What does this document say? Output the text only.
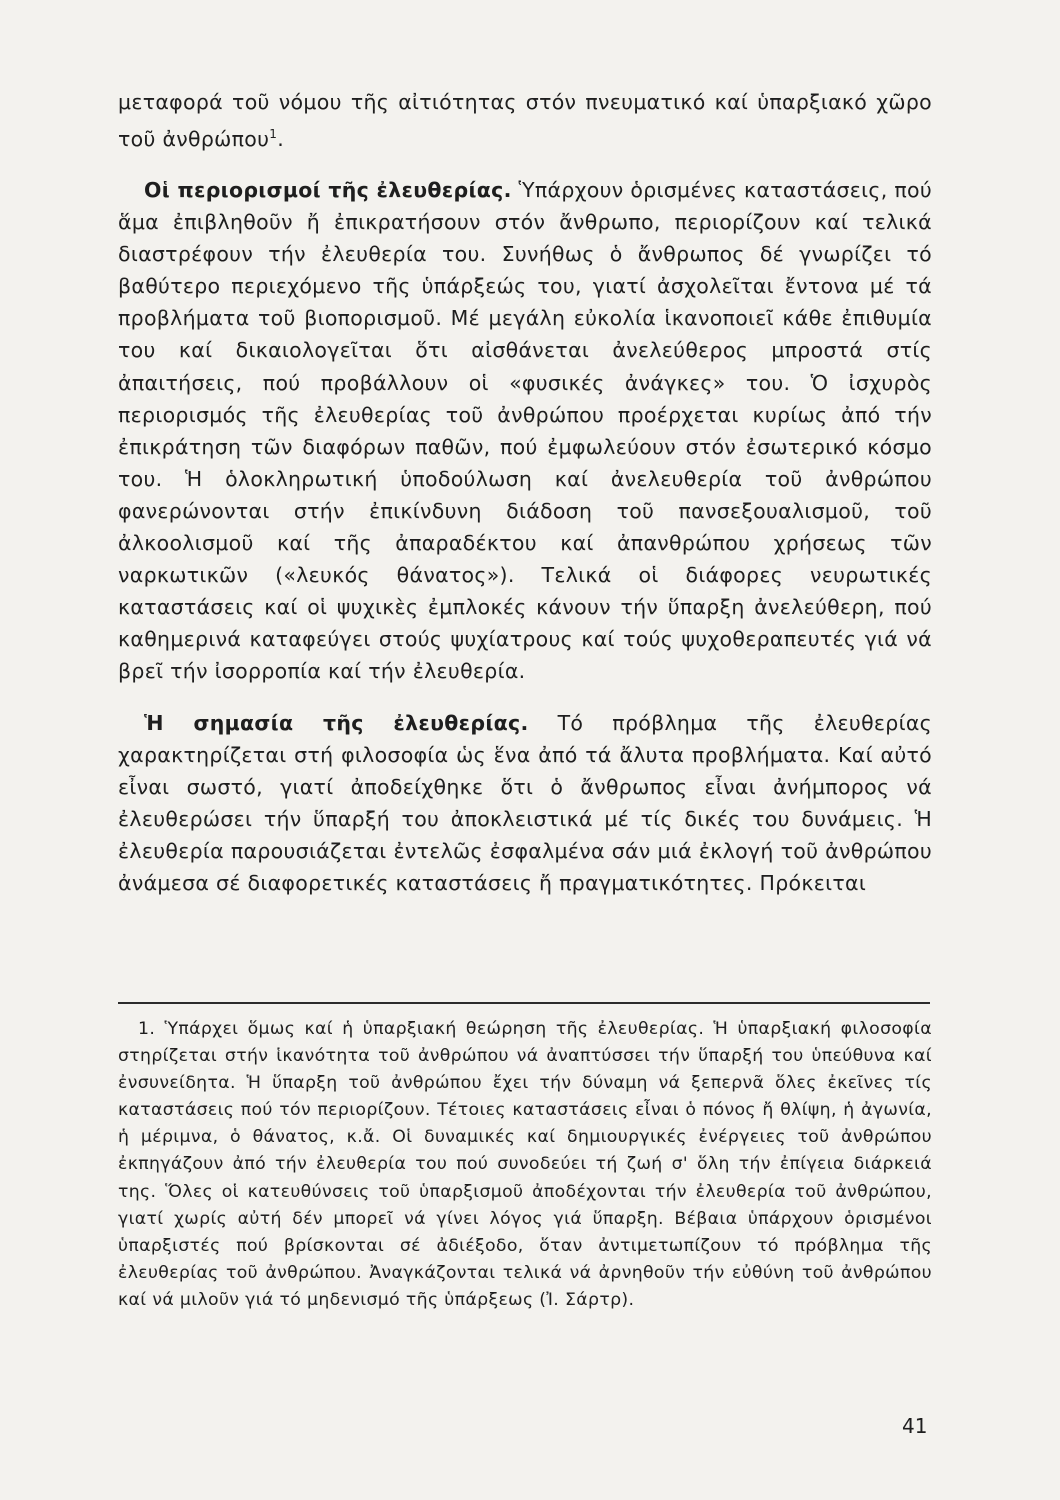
μεταφορά τοῦ νόμου τῆς αἰτιότητας στόν πνευματικό καί ὑπαρξιακό χῶρο τοῦ ἀνθρώπου$^1$.

Οἱ περιορισμοί τῆς ἐλευθερίας. Ὑπάρχουν ὁρισμένες καταστάσεις, πού ἅμα ἐπιβληθοῦν ἤ ἐπικρατήσουν στόν ἄνθρωπο, περιορίζουν καί τελικά διαστρέφουν τήν ἐλευθερία του. Συνήθως ὁ ἄνθρωπος δέ γνωρίζει τό βαθύτερο περιεχόμενο τῆς ὑπάρξεώς του, γιατί ἀσχολεῖται ἔντονα μέ τά προβλήματα τοῦ βιοπορισμοῦ. Μέ μεγάλη εὐκολία ἱκανοποιεῖ κάθε ἐπιθυμία του καί δικαιολογεῖται ὅτι αἰσθάνεται ἀνελεύθερος μπροστά στίς ἀπαιτήσεις, πού προβάλλουν οἱ «φυσικές ἀνάγκες» του. Ὁ ἰσχυρὸς περιορισμός τῆς ἐλευθερίας τοῦ ἀνθρώπου προέρχεται κυρίως ἀπό τήν ἐπικράτηση τῶν διαφόρων παθῶν, πού ἐμφωλεύουν στόν ἐσωτερικό κόσμο του. Ἡ ὁλοκληρωτική ὑποδούλωση καί ἀνελευθερία τοῦ ἀνθρώπου φανερώνονται στήν ἐπικίνδυνη διάδοση τοῦ πανσεξουαλισμοῦ, τοῦ ἀλκοολισμοῦ καί τῆς ἀπαραδέκτου καί ἀπανθρώπου χρήσεως τῶν ναρκωτικῶν («λευκός θάνατος»). Τελικά οἱ διάφορες νευρωτικές καταστάσεις καί οἱ ψυχικὲς ἐμπλοκές κάνουν τήν ὕπαρξη ἀνελεύθερη, πού καθημερινά καταφεύγει στούς ψυχίατρους καί τούς ψυχοθεραπευτές γιά νά βρεῖ τήν ἰσορροπία καί τήν ἐλευθερία.

Ἡ σημασία τῆς ἐλευθερίας. Τό πρόβλημα τῆς ἐλευθερίας χαρακτηρίζεται στή φιλοσοφία ὡς ἕνα ἀπό τά ἄλυτα προβλήματα. Καί αὐτό εἶναι σωστό, γιατί ἀποδείχθηκε ὅτι ὁ ἄνθρωπος εἶναι ἀνήμπορος νά ἐλευθερώσει τήν ὕπαρξή του ἀποκλειστικά μέ τίς δικές του δυνάμεις. Ἡ ἐλευθερία παρουσιάζεται ἐντελῶς ἐσφαλμένα σάν μιά ἐκλογή τοῦ ἀνθρώπου ἀνάμεσα σέ διαφορετικές καταστάσεις ἤ πραγματικότητες. Πρόκειται

1. Ὑπάρχει ὅμως καί ἡ ὑπαρξιακή θεώρηση τῆς ἐλευθερίας. Ἡ ὑπαρξιακή φιλοσοφία στηρίζεται στήν ἱκανότητα τοῦ ἀνθρώπου νά ἀναπτύσσει τήν ὕπαρξή του ὑπεύθυνα καί ἐνσυνείδητα. Ἡ ὕπαρξη τοῦ ἀνθρώπου ἔχει τήν δύναμη νά ξεπερνᾶ ὅλες ἐκεῖνες τίς καταστάσεις πού τόν περιορίζουν. Τέτοιες καταστάσεις εἶναι ὁ πόνος ἤ θλίψη, ἡ ἀγωνία, ἡ μέριμνα, ὁ θάνατος, κ.ἄ. Οἱ δυναμικές καί δημιουργικές ἐνέργειες τοῦ ἀνθρώπου ἐκπηγάζουν ἀπό τήν ἐλευθερία του πού συνοδεύει τή ζωή σ' ὅλη τήν ἐπίγεια διάρκειά της. Ὅλες οἱ κατευθύνσεις τοῦ ὑπαρξισμοῦ ἀποδέχονται τήν ἐλευθερία τοῦ ἀνθρώπου, γιατί χωρίς αὐτή δέν μπορεῖ νά γίνει λόγος γιά ὕπαρξη. Βέβαια ὑπάρχουν ὁρισμένοι ὑπαρξιστές πού βρίσκονται σέ ἀδιέξοδο, ὅταν ἀντιμετωπίζουν τό πρόβλημα τῆς ἐλευθερίας τοῦ ἀνθρώπου. Ἀναγκάζονται τελικά νά ἀρνηθοῦν τήν εὐθύνη τοῦ ἀνθρώπου καί νά μιλοῦν γιά τό μηδενισμό τῆς ὑπάρξεως (Ἰ. Σάρτρ).

41
